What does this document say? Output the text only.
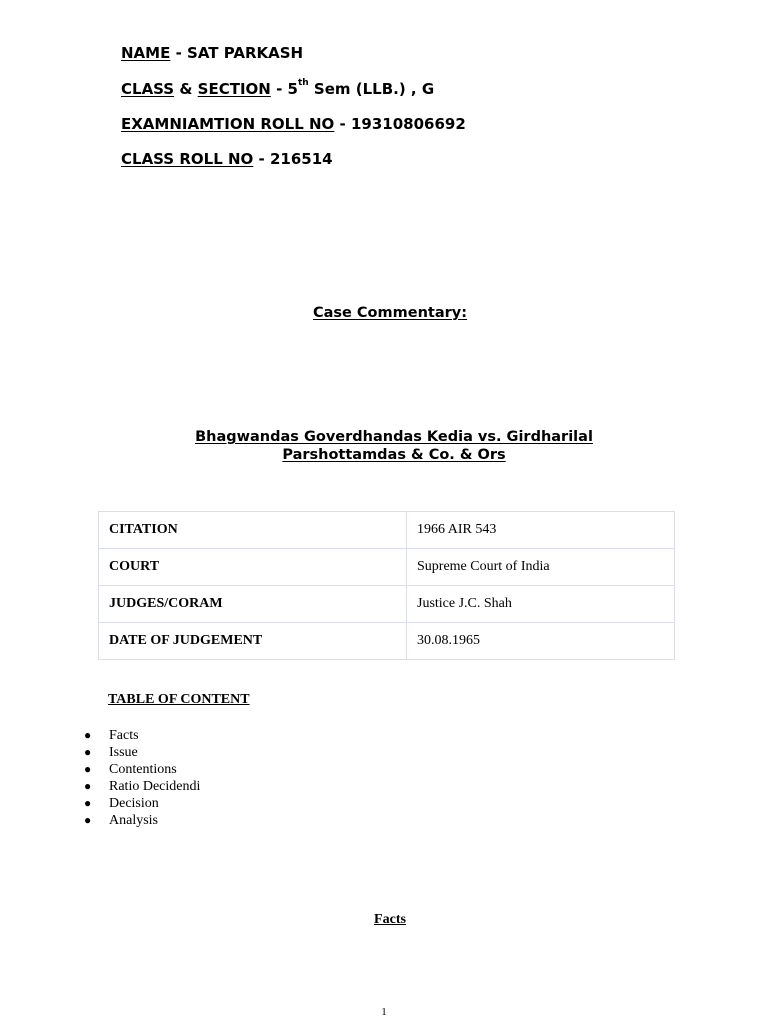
NAME - SAT PARKASH
CLASS & SECTION - 5th Sem (LLB.) , G
EXAMNIAMTION ROLL NO - 19310806692
CLASS ROLL NO - 216514
Case Commentary:
Bhagwandas Goverdhandas Kedia vs. Girdharilal
Parshottamdas & Co. & Ors
CITATION	1966 AIR 543
COURT	Supreme Court of India
JUDGES/CORAM	Justice J.C. Shah
DATE OF JUDGEMENT	30.08.1965
TABLE OF CONTENT
● Facts
● Issue
● Contentions
● Ratio Decidendi
● Decision
● Analysis
Facts
1
